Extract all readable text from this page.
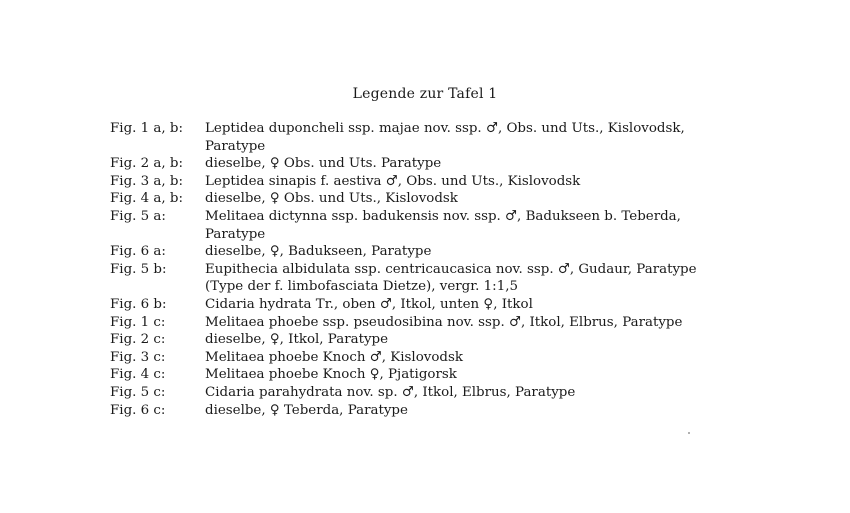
Legende zur Tafel 1
Fig. 1 a, b:	Leptidea duponcheli ssp. majae nov. ssp. ♂, Obs. und Uts., Kislovodsk,
Paratype
Fig. 2 a, b:	dieselbe, ♀ Obs. und Uts. Paratype
Fig. 3 a, b:	Leptidea sinapis f. aestiva ♂, Obs. und Uts., Kislovodsk
Fig. 4 a, b:	dieselbe, ♀ Obs. und Uts., Kislovodsk
Fig. 5 a:	Melitaea dictynna ssp. badukensis nov. ssp. ♂, Badukseen b. Teberda,
Paratype
Fig. 6 a:	dieselbe, ♀, Badukseen, Paratype
Fig. 5 b:	Eupithecia albidulata ssp. centricaucasica nov. ssp. ♂, Gudaur, Paratype
(Type der f. limbofasciata Dietze), vergr. 1:1,5
Fig. 6 b:	Cidaria hydrata Tr., oben ♂, Itkol, unten ♀, Itkol
Fig. 1 c:	Melitaea phoebe ssp. pseudosibina nov. ssp. ♂, Itkol, Elbrus, Paratype
Fig. 2 c:	dieselbe, ♀, Itkol, Paratype
Fig. 3 c:	Melitaea phoebe Knoch ♂, Kislovodsk
Fig. 4 c:	Melitaea phoebe Knoch ♀, Pjatigorsk
Fig. 5 c:	Cidaria parahydrata nov. sp. ♂, Itkol, Elbrus, Paratype
Fig. 6 c:	dieselbe, ♀ Teberda, Paratype
